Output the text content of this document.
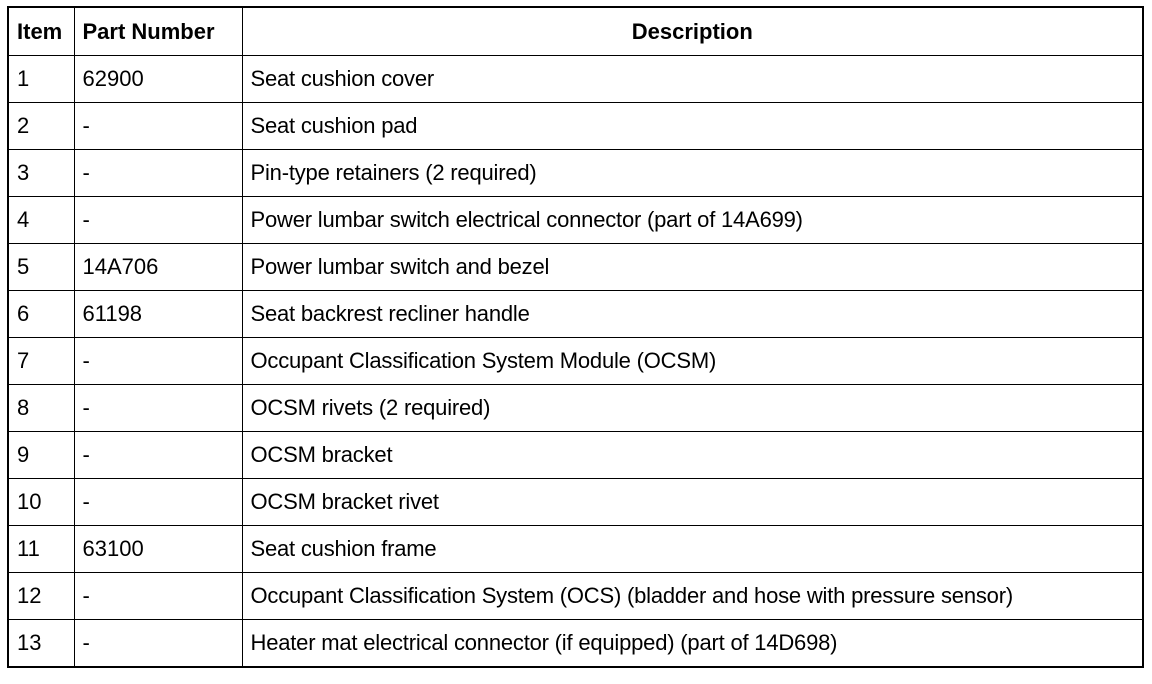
Item	Part Number	Description
1	62900	Seat cushion cover
2	-	Seat cushion pad
3	-	Pin-type retainers (2 required)
4	-	Power lumbar switch electrical connector (part of 14A699)
5	14A706	Power lumbar switch and bezel
6	61198	Seat backrest recliner handle
7	-	Occupant Classification System Module (OCSM)
8	-	OCSM rivets (2 required)
9	-	OCSM bracket
10	-	OCSM bracket rivet
11	63100	Seat cushion frame
12	-	Occupant Classification System (OCS) (bladder and hose with pressure sensor)
13	-	Heater mat electrical connector (if equipped) (part of 14D698)
